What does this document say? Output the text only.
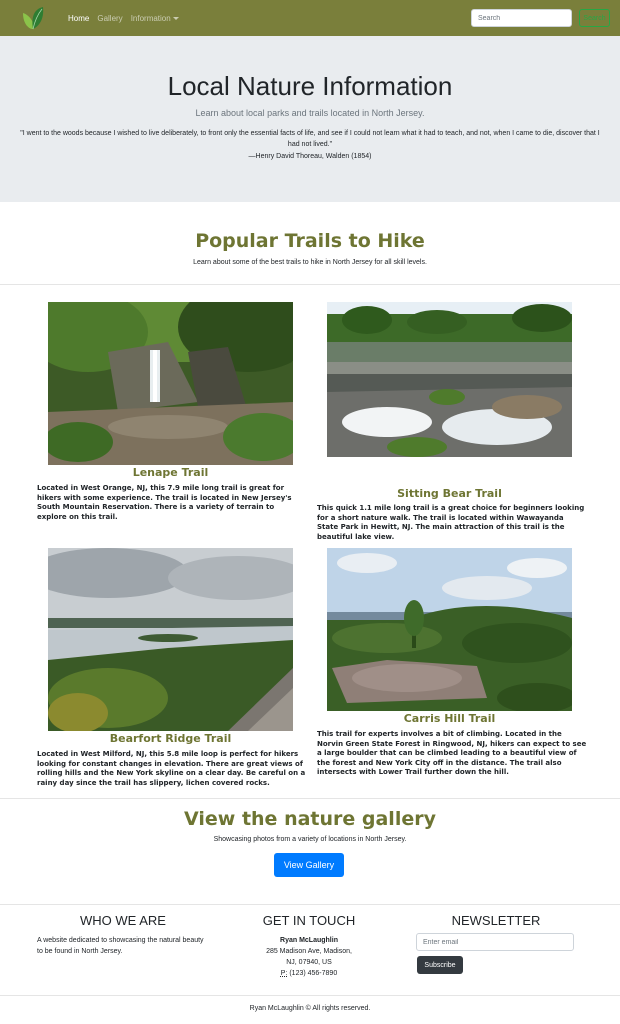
Home Gallery Information
Search	Search
Local Nature Information

Learn about local parks and trails located in North Jersey.

"I went to the woods because I wished to live deliberately, to front only the essential facts of life, and see if I could not learn what it had to teach, and not, when I came to die, discover that I had not lived."

—Henry David Thoreau, Walden (1854)

Popular Trails to Hike

Learn about some of the best trails to hike in North Jersey for all skill levels.

Lenape Trail

Located in West Orange, NJ, this 7.9 mile long trail is great for hikers with some experience. The trail is located in New Jersey's South Mountain Reservation. There is a variety of terrain to explore on this trail.

Sitting Bear Trail

This quick 1.1 mile long trail is a great choice for beginners looking for a short nature walk. The trail is located within Wawayanda State Park in Hewitt, NJ. The main attraction of this trail is the beautiful lake view.

Bearfort Ridge Trail

Located in West Milford, NJ, this 5.8 mile loop is perfect for hikers looking for constant changes in elevation. There are great views of rolling hills and the New York skyline on a clear day. Be careful on a rainy day since the trail has slippery, lichen covered rocks.

Carris Hill Trail

This trail for experts involves a bit of climbing. Located in the Norvin Green State Forest in Ringwood, NJ, hikers can expect to see a large boulder that can be climbed leading to a beautiful view of the forest and New York City off in the distance. The trail also intersects with Lower Trail further down the hill.

View the nature gallery

Showcasing photos from a variety of locations in North Jersey.

View Gallery
WHO WE ARE

A website dedicated to showcasing the natural beauty to be found in North Jersey.

GET IN TOUCH

Ryan McLaughlin

285 Madison Ave, Madison,

NJ, 07940, US

P: (123) 456-7890

NEWSLETTER
Enter email
Subscribe

Ryan McLaughlin © All rights reserved.
